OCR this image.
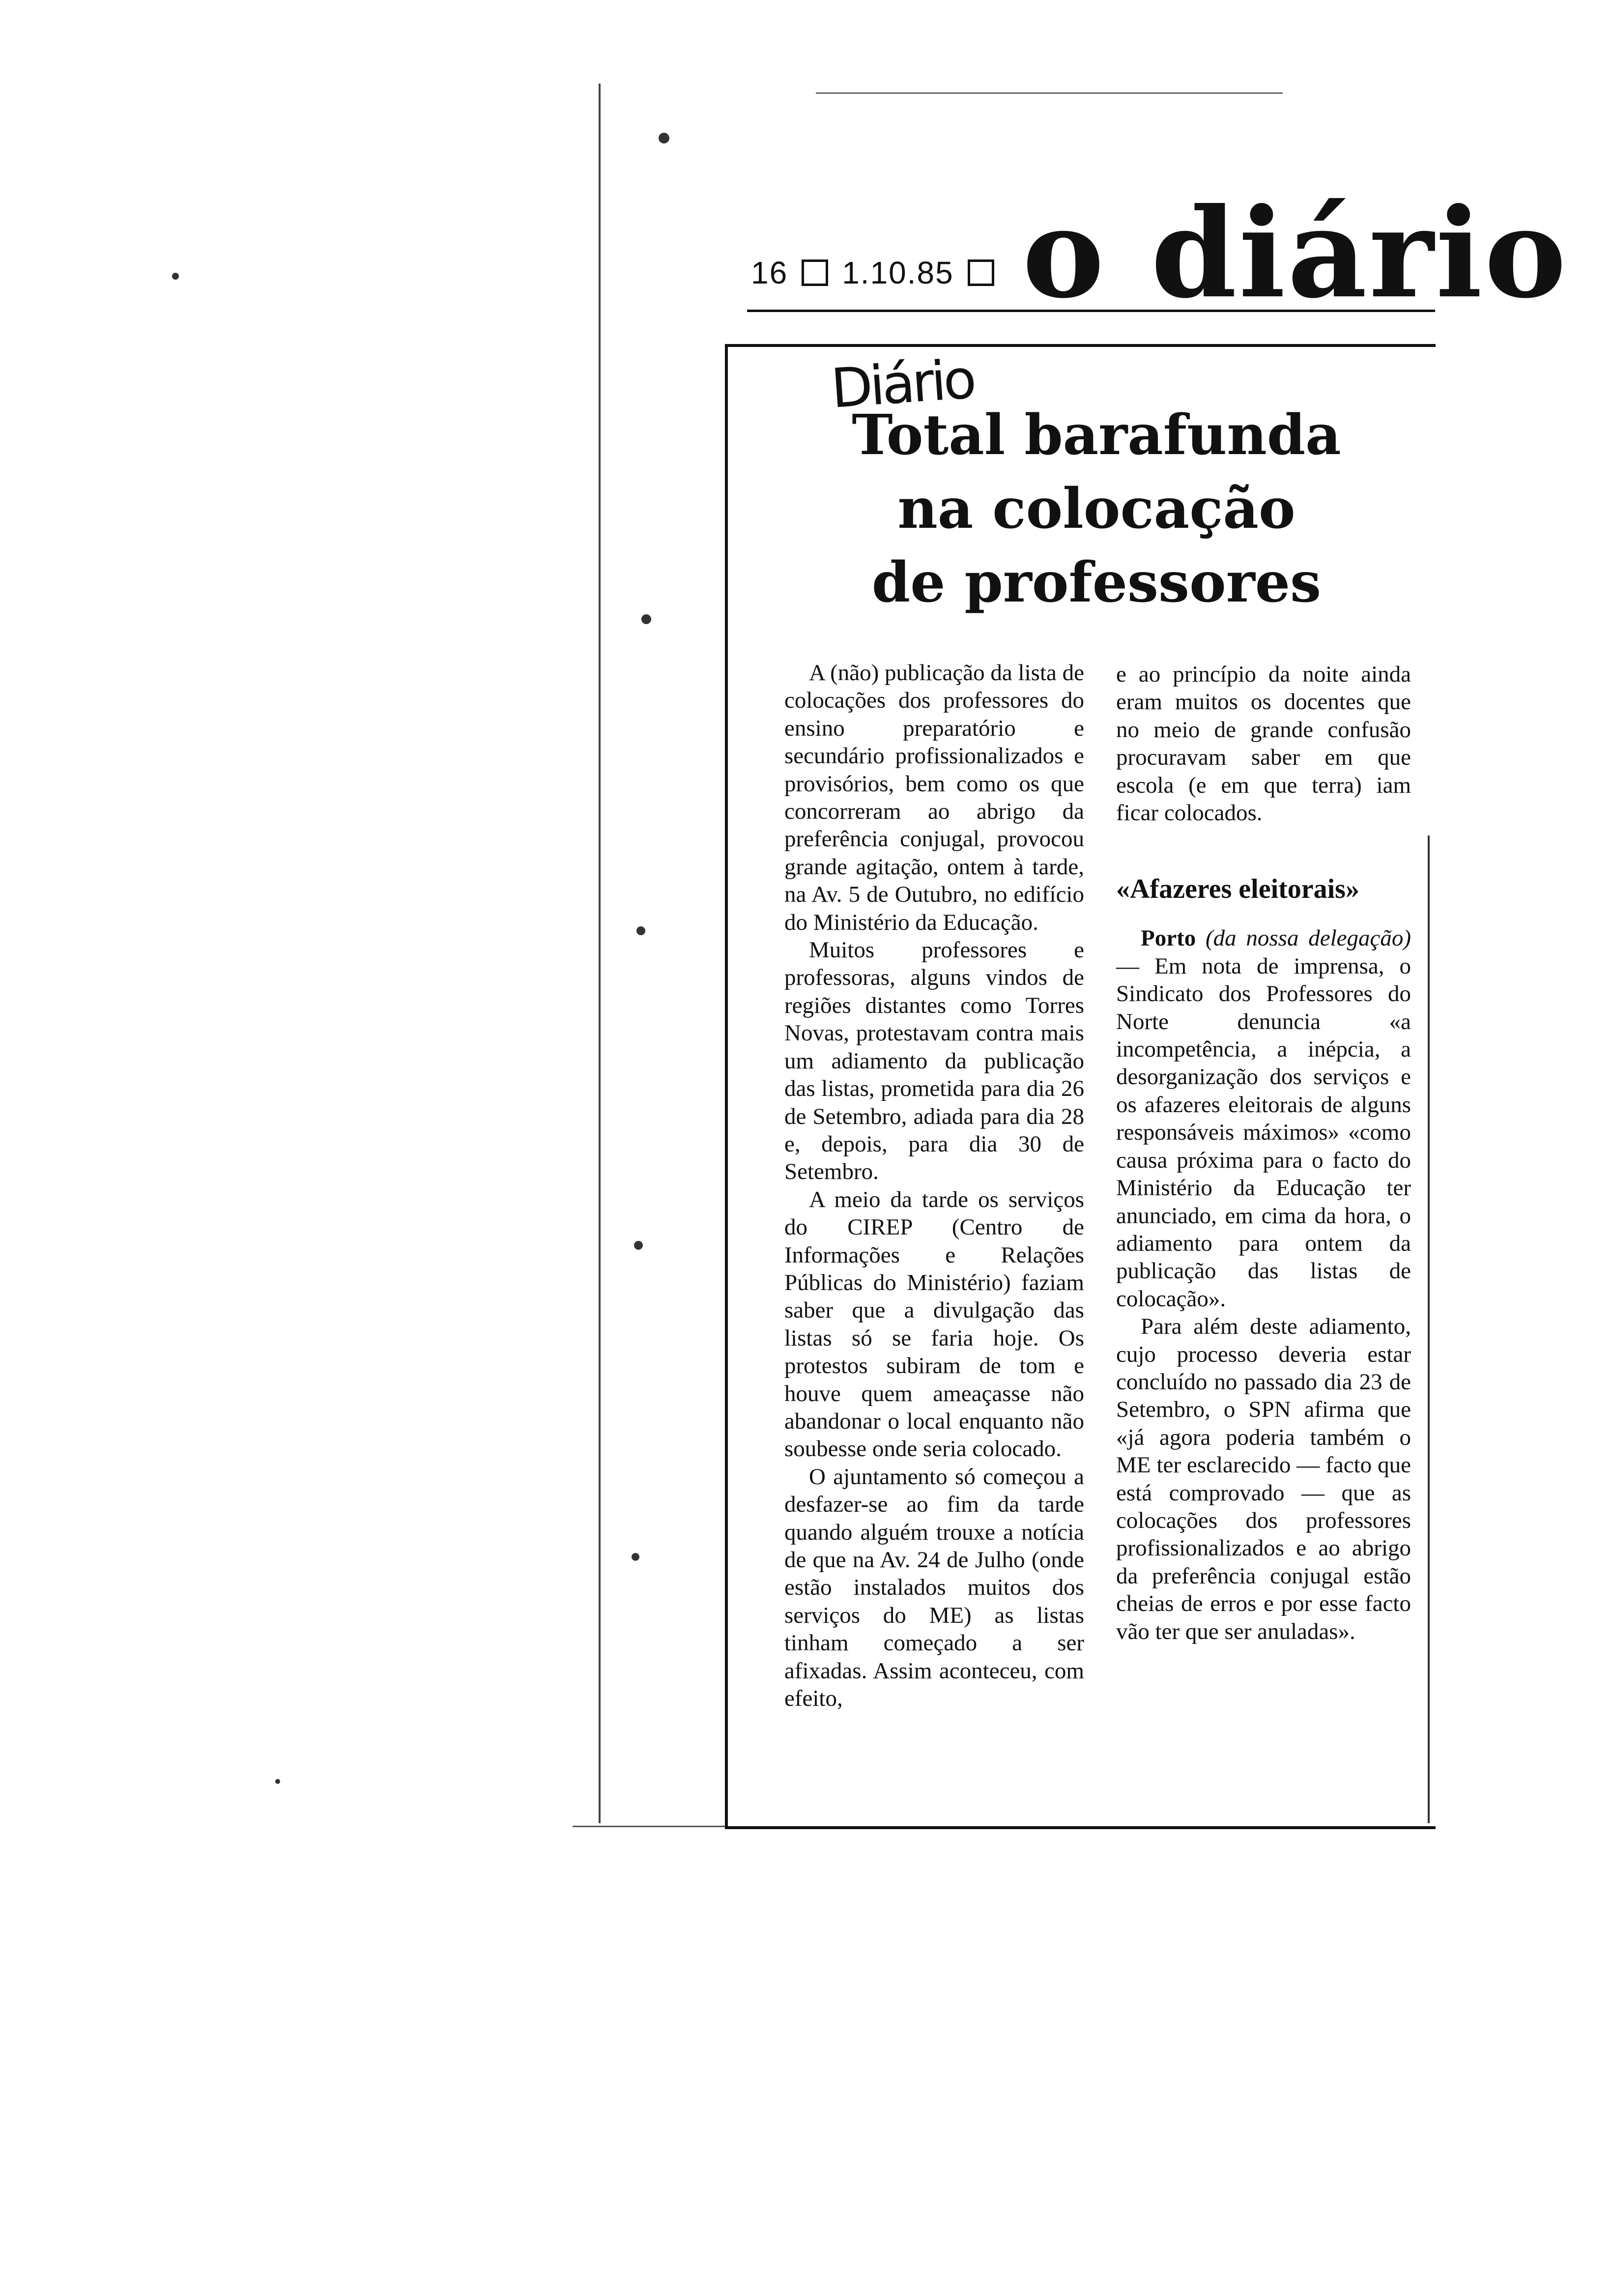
16 1.10.85 o diário
Diário
Total barafunda
na colocação
de professores

A (não) publicação da lista de colocações dos professores do ensino preparatório e secundário profissionalizados e provisórios, bem como os que concorreram ao abrigo da preferência conjugal, provocou grande agitação, ontem à tarde, na Av. 5 de Outubro, no edifício do Ministério da Educação.

Muitos professores e professoras, alguns vindos de regiões distantes como Torres Novas, protestavam contra mais um adiamento da publicação das listas, prometida para dia 26 de Setembro, adiada para dia 28 e, depois, para dia 30 de Setembro.

A meio da tarde os serviços do CIREP (Centro de Informações e Relações Públicas do Ministério) faziam saber que a divulgação das listas só se faria hoje. Os protestos subiram de tom e houve quem ameaçasse não abandonar o local enquanto não soubesse onde seria colocado.

O ajuntamento só começou a desfazer-se ao fim da tarde quando alguém trouxe a notícia de que na Av. 24 de Julho (onde estão instalados muitos dos serviços do ME) as listas tinham começado a ser afixadas. Assim aconteceu, com efeito,

e ao princípio da noite ainda eram muitos os docentes que no meio de grande confusão procuravam saber em que escola (e em que terra) iam ficar colocados.

«Afazeres eleitorais»

Porto (da nossa delegação) — Em nota de imprensa, o Sindicato dos Professores do Norte denuncia «a incompetência, a inépcia, a desorganização dos serviços e os afazeres eleitorais de alguns responsáveis máximos» «como causa próxima para o facto do Ministério da Educação ter anunciado, em cima da hora, o adiamento para ontem da publicação das listas de colocação».

Para além deste adiamento, cujo processo deveria estar concluído no passado dia 23 de Setembro, o SPN afirma que «já agora poderia também o ME ter esclarecido — facto que está comprovado — que as colocações dos professores profissionalizados e ao abrigo da preferência conjugal estão cheias de erros e por esse facto vão ter que ser anuladas».
